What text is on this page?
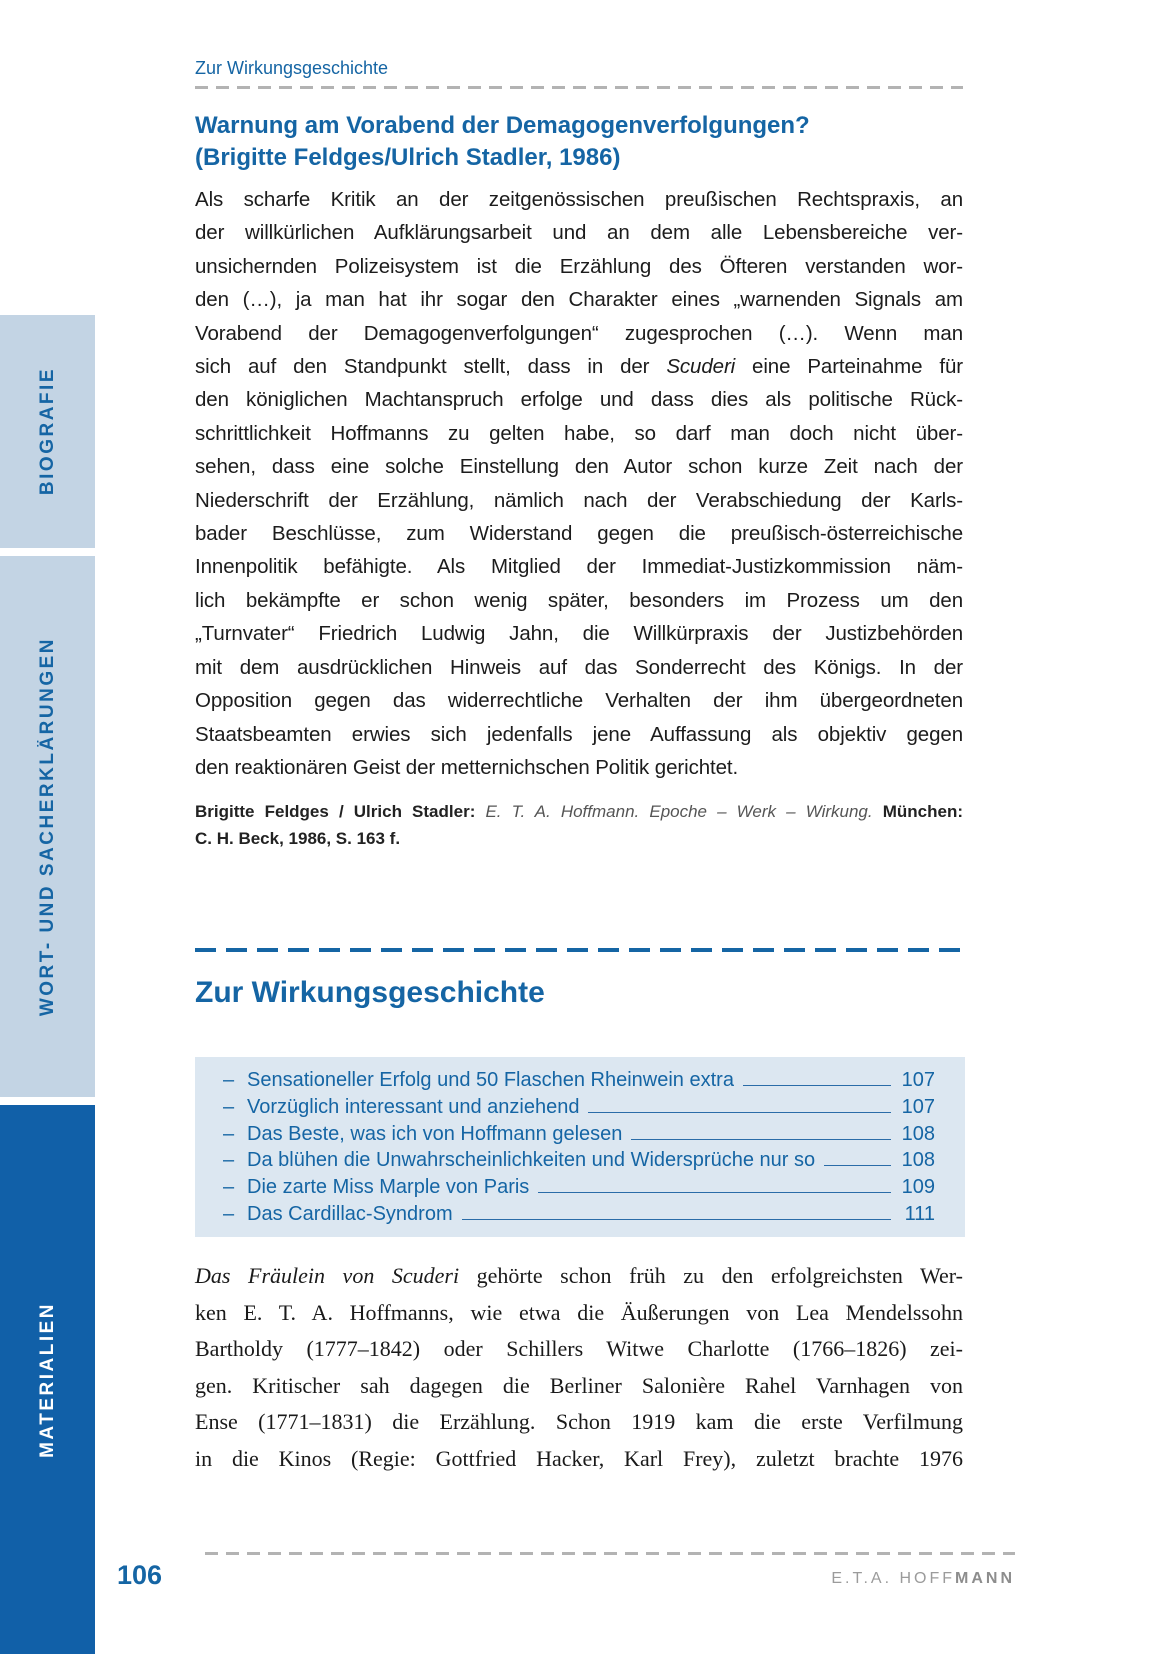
BIOGRAFIE
WORT- UND SACHERKLÄRUNGEN
MATERIALIEN
Zur Wirkungsgeschichte
Warnung am Vorabend der Demagogenverfolgungen?
(Brigitte Feldges/Ulrich Stadler, 1986)
Als scharfe Kritik an der zeitgenössischen preußischen Rechtspraxis, an
der willkürlichen Aufklärungsarbeit und an dem alle Lebensbereiche ver-
unsichernden Polizeisystem ist die Erzählung des Öfteren verstanden wor-
den (…), ja man hat ihr sogar den Charakter eines „warnenden Signals am
Vorabend der Demagogenverfolgungen“ zugesprochen (…). Wenn man
sich auf den Standpunkt stellt, dass in der Scuderi eine Parteinahme für
den königlichen Machtanspruch erfolge und dass dies als politische Rück-
schrittlichkeit Hoffmanns zu gelten habe, so darf man doch nicht über-
sehen, dass eine solche Einstellung den Autor schon kurze Zeit nach der
Niederschrift der Erzählung, nämlich nach der Verabschiedung der Karls-
bader Beschlüsse, zum Widerstand gegen die preußisch-österreichische
Innenpolitik befähigte. Als Mitglied der Immediat-Justizkommission näm-
lich bekämpfte er schon wenig später, besonders im Prozess um den
„Turnvater“ Friedrich Ludwig Jahn, die Willkürpraxis der Justizbehörden
mit dem ausdrücklichen Hinweis auf das Sonderrecht des Königs. In der
Opposition gegen das widerrechtliche Verhalten der ihm übergeordneten
Staatsbeamten erwies sich jedenfalls jene Auffassung als objektiv gegen
den reaktionären Geist der metternichschen Politik gerichtet.
Brigitte Feldges / Ulrich Stadler: E. T. A. Hoffmann. Epoche – Werk – Wirkung. München:
C. H. Beck, 1986, S. 163 f.
Zur Wirkungsgeschichte
– Sensationeller Erfolg und 50 Flaschen Rheinwein extra	107
– Vorzüglich interessant und anziehend	107
– Das Beste, was ich von Hoffmann gelesen	108
– Da blühen die Unwahrscheinlichkeiten und Widersprüche nur so	108
– Die zarte Miss Marple von Paris	109
– Das Cardillac-Syndrom	111
Das Fräulein von Scuderi gehörte schon früh zu den erfolgreichsten Wer-
ken E. T. A. Hoffmanns, wie etwa die Äußerungen von Lea Mendelssohn
Bartholdy (1777–1842) oder Schillers Witwe Charlotte (1766–1826) zei-
gen. Kritischer sah dagegen die Berliner Salonière Rahel Varnhagen von
Ense (1771–1831) die Erzählung. Schon 1919 kam die erste Verfilmung
in die Kinos (Regie: Gottfried Hacker, Karl Frey), zuletzt brachte 1976
106	E.T.A. HOFFMANN
